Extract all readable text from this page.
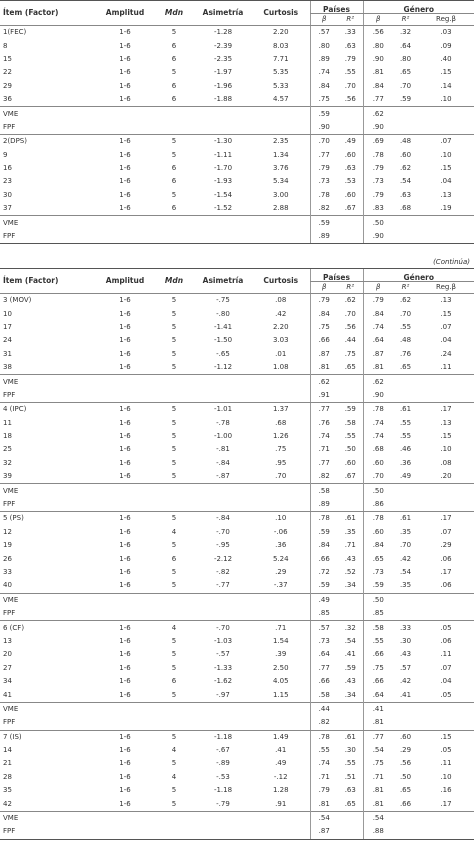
Ítem (Factor)	Amplitud	Mdn	Asimetría	Curtosis	Países		Género		
					β	R²	β	R²	Reg.β
1(FEC)	1-6	5	-1.28	2.20	.57	.33	.56	.32	.03
8	1-6	6	-2.39	8.03	.80	.63	.80	.64	.09
15	1-6	6	-2.35	7.71	.89	.79	.90	.80	.40
22	1-6	5	-1.97	5.35	.74	.55	.81	.65	.15
29	1-6	6	-1.96	5.33	.84	.70	.84	.70	.14
36	1-6	6	-1.88	4.57	.75	.56	.77	.59	.10
VME					.59		.62		
FPF					.90		.90		
2(DPS)	1-6	5	-1.30	2.35	.70	.49	.69	.48	.07
9	1-6	5	-1.11	1.34	.77	.60	.78	.60	.10
16	1-6	6	-1.70	3.76	.79	.63	.79	.62	.15
23	1-6	6	-1.93	5.34	.73	.53	.73	.54	.04
30	1-6	5	-1.54	3.00	.78	.60	.79	.63	.13
37	1-6	6	-1.52	2.88	.82	.67	.83	.68	.19
VME					.59		.50		
FPF					.89		.90		
(Continúa)
Ítem (Factor)	Amplitud	Mdn	Asimetría	Curtosis	Países		Género		
					β	R²	β	R²	Reg.β
3 (MOV)	1-6	5	-.75	.08	.79	.62	.79	.62	.13
10	1-6	5	-.80	.42	.84	.70	.84	.70	.15
17	1-6	5	-1.41	2.20	.75	.56	.74	.55	.07
24	1-6	5	-1.50	3.03	.66	.44	.64	.48	.04
31	1-6	5	-.65	.01	.87	.75	.87	.76	.24
38	1-6	5	-1.12	1.08	.81	.65	.81	.65	.11
VME					.62		.62		
FPF					.91		.90		
4 (IPC)	1-6	5	-1.01	1.37	.77	.59	.78	.61	.17
11	1-6	5	-.78	.68	.76	.58	.74	.55	.13
18	1-6	5	-1.00	1.26	.74	.55	.74	.55	.15
25	1-6	5	-.81	.75	.71	.50	.68	.46	.10
32	1-6	5	-.84	.95	.77	.60	.60	.36	.08
39	1-6	5	-.87	.70	.82	.67	.70	.49	.20
VME					.58		.50		
FPF					.89		.86		
5 (PS)	1-6	5	-.84	.10	.78	.61	.78	.61	.17
12	1-6	4	-.70	-.06	.59	.35	.60	.35	.07
19	1-6	5	-.95	.36	.84	.71	.84	.70	.29
26	1-6	6	-2.12	5.24	.66	.43	.65	.42	.06
33	1-6	5	-.82	.29	.72	.52	.73	.54	.17
40	1-6	5	-.77	-.37	.59	.34	.59	.35	.06
VME					.49		.50		
FPF					.85		.85		
6 (CF)	1-6	4	-.70	.71	.57	.32	.58	.33	.05
13	1-6	5	-1.03	1.54	.73	.54	.55	.30	.06
20	1-6	5	-.57	.39	.64	.41	.66	.43	.11
27	1-6	5	-1.33	2.50	.77	.59	.75	.57	.07
34	1-6	6	-1.62	4.05	.66	.43	.66	.42	.04
41	1-6	5	-.97	1.15	.58	.34	.64	.41	.05
VME					.44		.41		
FPF					.82		.81		
7 (IS)	1-6	5	-1.18	1.49	.78	.61	.77	.60	.15
14	1-6	4	-.67	.41	.55	.30	.54	.29	.05
21	1-6	5	-.89	.49	.74	.55	.75	.56	.11
28	1-6	4	-.53	-.12	.71	.51	.71	.50	.10
35	1-6	5	-1.18	1.28	.79	.63	.81	.65	.16
42	1-6	5	-.79	.91	.81	.65	.81	.66	.17
VME					.54		.54		
FPF					.87		.88		
